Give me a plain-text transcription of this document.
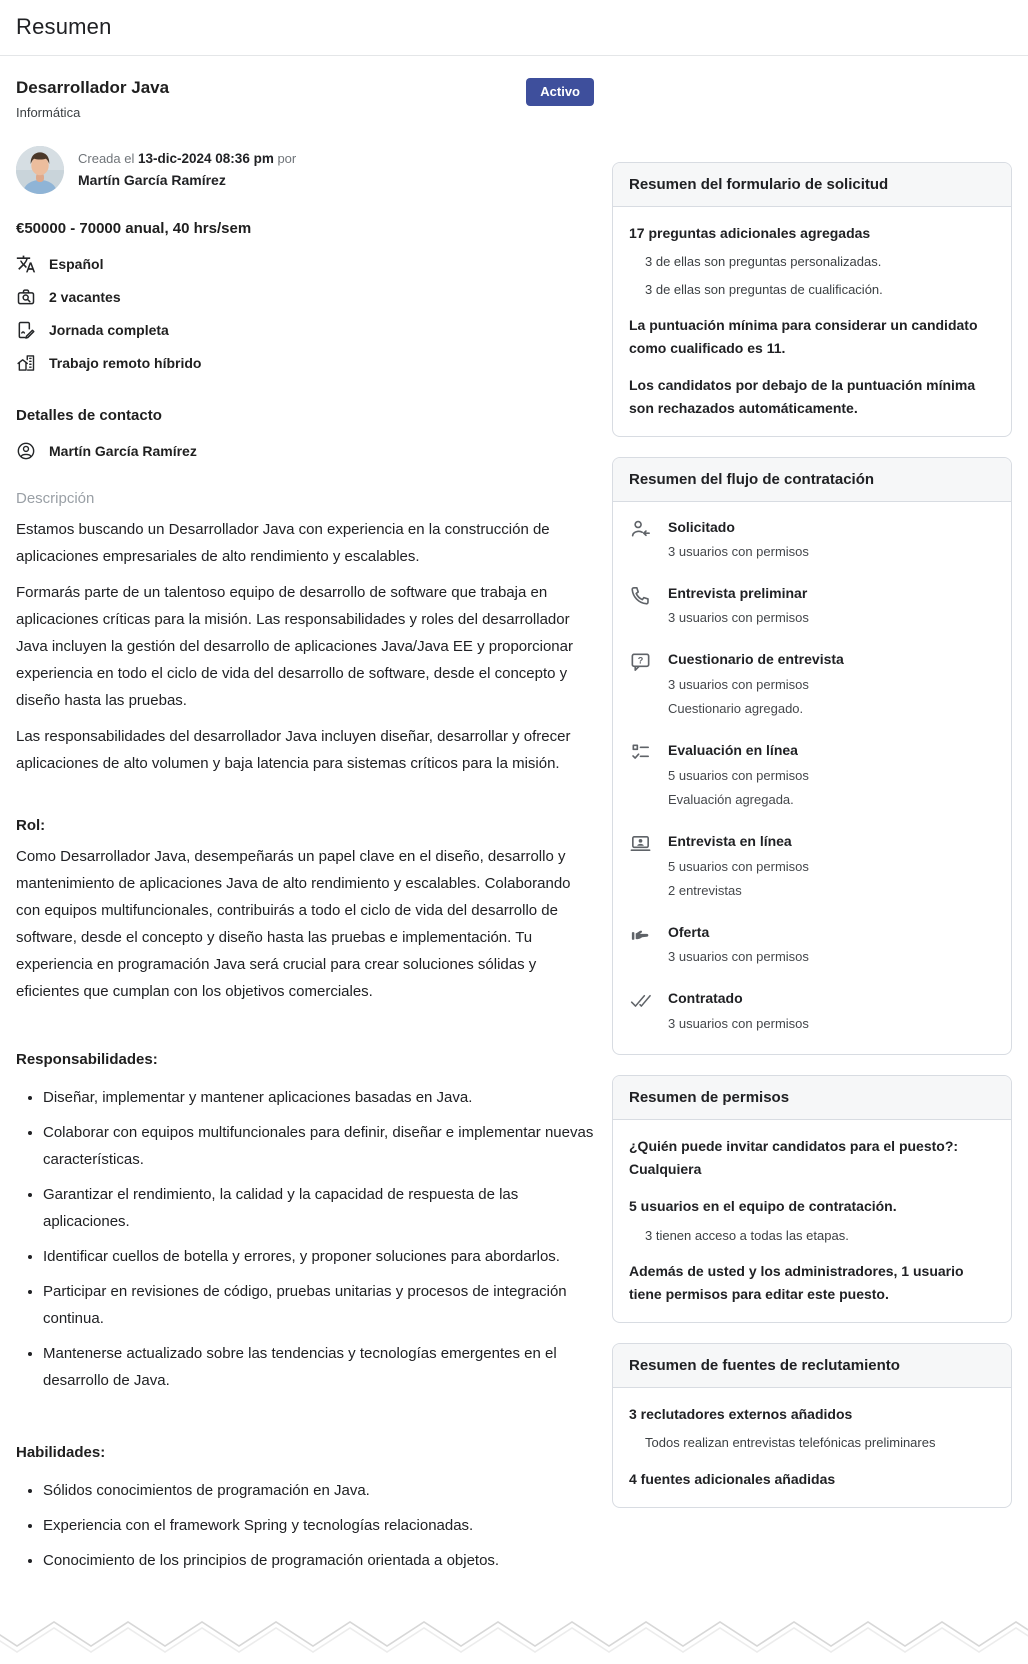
Resumen
Desarrollador Java
Informática
Activo
Creada el 13-dic-2024 08:36 pm por
Martín García Ramírez
€50000 - 70000 anual, 40 hrs/sem
Español
2 vacantes
Jornada completa
Trabajo remoto híbrido
Detalles de contacto
Martín García Ramírez
Descripción

Estamos buscando un Desarrollador Java con experiencia en la construcción de aplicaciones empresariales de alto rendimiento y escalables.

Formarás parte de un talentoso equipo de desarrollo de software que trabaja en aplicaciones críticas para la misión. Las responsabilidades y roles del desarrollador Java incluyen la gestión del desarrollo de aplicaciones Java/Java EE y proporcionar experiencia en todo el ciclo de vida del desarrollo de software, desde el concepto y diseño hasta las pruebas.

Las responsabilidades del desarrollador Java incluyen diseñar, desarrollar y ofrecer aplicaciones de alto volumen y baja latencia para sistemas críticos para la misión.

Rol:

Como Desarrollador Java, desempeñarás un papel clave en el diseño, desarrollo y mantenimiento de aplicaciones Java de alto rendimiento y escalables. Colaborando con equipos multifuncionales, contribuirás a todo el ciclo de vida del desarrollo de software, desde el concepto y diseño hasta las pruebas e implementación. Tu experiencia en programación Java será crucial para crear soluciones sólidas y eficientes que cumplan con los objetivos comerciales.

Responsabilidades:
• Diseñar, implementar y mantener aplicaciones basadas en Java.
• Colaborar con equipos multifuncionales para definir, diseñar e implementar nuevas características.
• Garantizar el rendimiento, la calidad y la capacidad de respuesta de las aplicaciones.
• Identificar cuellos de botella y errores, y proponer soluciones para abordarlos.
• Participar en revisiones de código, pruebas unitarias y procesos de integración continua.
• Mantenerse actualizado sobre las tendencias y tecnologías emergentes en el desarrollo de Java.
Habilidades:
• Sólidos conocimientos de programación en Java.
• Experiencia con el framework Spring y tecnologías relacionadas.
• Conocimiento de los principios de programación orientada a objetos.
Resumen del formulario de solicitud
17 preguntas adicionales agregadas
3 de ellas son preguntas personalizadas.
3 de ellas son preguntas de cualificación.
La puntuación mínima para considerar un candidato como cualificado es 11.
Los candidatos por debajo de la puntuación mínima son rechazados automáticamente.
Resumen del flujo de contratación
Solicitado
3 usuarios con permisos
Entrevista preliminar
3 usuarios con permisos
? Cuestionario de entrevista
3 usuarios con permisos
Cuestionario agregado.
Evaluación en línea
5 usuarios con permisos
Evaluación agregada.
Entrevista en línea
5 usuarios con permisos
2 entrevistas
Oferta
3 usuarios con permisos
Contratado
3 usuarios con permisos
Resumen de permisos
¿Quién puede invitar candidatos para el puesto?: Cualquiera
5 usuarios en el equipo de contratación.
3 tienen acceso a todas las etapas.
Además de usted y los administradores, 1 usuario tiene permisos para editar este puesto.
Resumen de fuentes de reclutamiento
3 reclutadores externos añadidos
Todos realizan entrevistas telefónicas preliminares
4 fuentes adicionales añadidas
